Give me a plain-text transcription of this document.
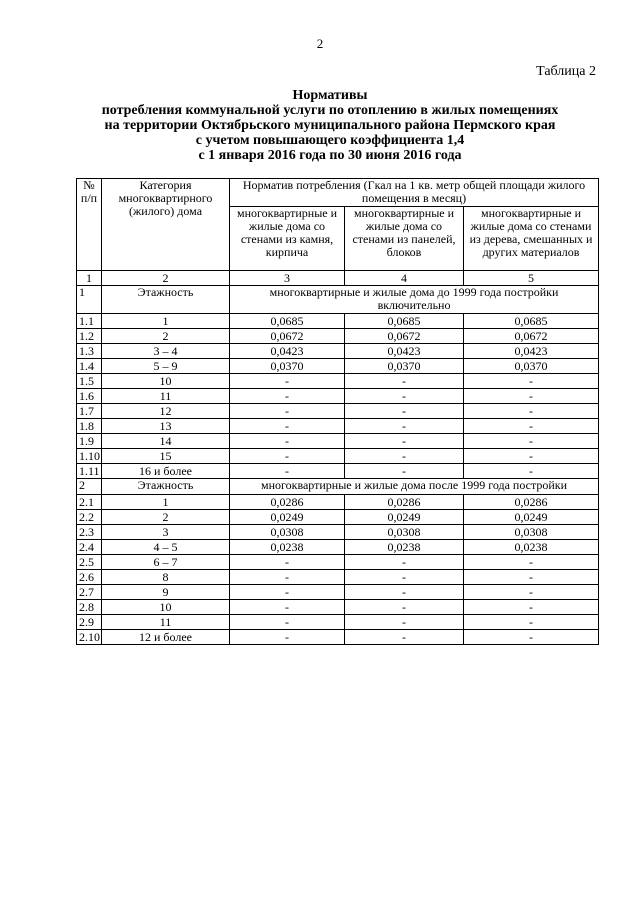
2
Таблица 2
Нормативы
потребления коммунальной услуги по отоплению в жилых помещениях
на территории Октябрьского муниципального района Пермского края
с учетом повышающего коэффициента 1,4
с 1 января 2016 года по 30 июня 2016 года
№ п/п	Категория многоквартирного (жилого) дома	Норматив потребления (Гкал на 1 кв. метр общей площади жилого помещения в месяц)		
		многоквартирные и жилые дома со стенами из камня, кирпича	многоквартирные и жилые дома со стенами из панелей, блоков	многоквартирные и жилые дома со стенами из дерева, смешанных и других материалов
1	2	3	4	5
1	Этажность	многоквартирные и жилые дома до 1999 года постройки включительно		
1.1	1	0,0685	0,0685	0,0685
1.2	2	0,0672	0,0672	0,0672
1.3	3 – 4	0,0423	0,0423	0,0423
1.4	5 – 9	0,0370	0,0370	0,0370
1.5	10	-	-	-
1.6	11	-	-	-
1.7	12	-	-	-
1.8	13	-	-	-
1.9	14	-	-	-
1.10	15	-	-	-
1.11	16 и более	-	-	-
2	Этажность	многоквартирные и жилые дома после 1999 года постройки		
2.1	1	0,0286	0,0286	0,0286
2.2	2	0,0249	0,0249	0,0249
2.3	3	0,0308	0,0308	0,0308
2.4	4 – 5	0,0238	0,0238	0,0238
2.5	6 – 7	-	-	-
2.6	8	-	-	-
2.7	9	-	-	-
2.8	10	-	-	-
2.9	11	-	-	-
2.10	12 и более	-	-	-
